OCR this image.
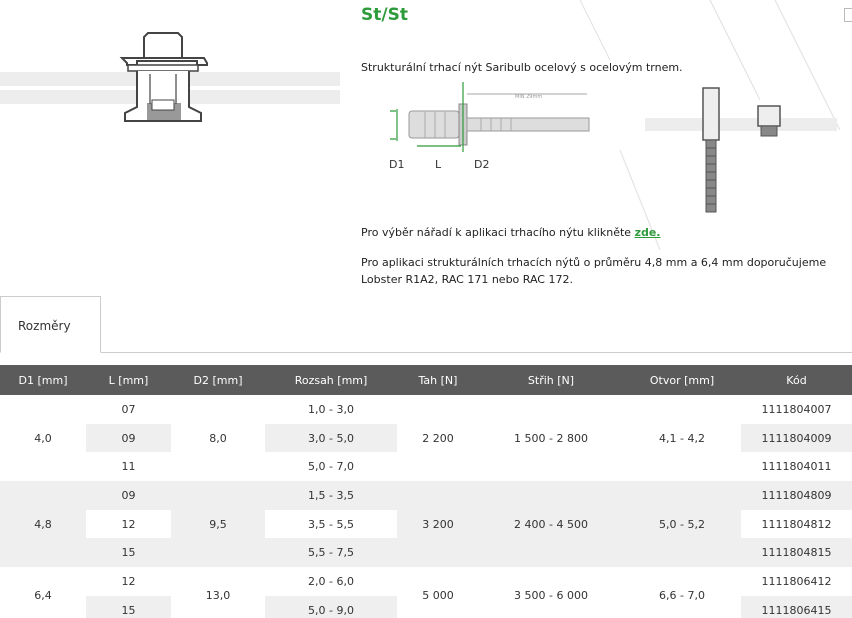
St/St

Strukturální trhací nýt Saribulb ocelový s ocelovým trnem.

MIN 29mm
D1	L	D2

Pro výběr nářadí k aplikaci trhacího nýtu klikněte zde.

Pro aplikaci strukturálních trhacích nýtů o průměru 4,8 mm a 6,4 mm doporučujeme Lobster R1A2, RAC 171 nebo RAC 172.

Rozměry
D1 [mm]	L [mm]	D2 [mm]	Rozsah [mm]	Tah [N]	Střih [N]	Otvor [mm]	Kód
4,0	07	8,0	1,0 - 3,0	2 200	1 500 - 2 800	4,1 - 4,2	1111804007
	09		3,0 - 5,0				1111804009
	11		5,0 - 7,0				1111804011
4,8	09	9,5	1,5 - 3,5	3 200	2 400 - 4 500	5,0 - 5,2	1111804809
	12		3,5 - 5,5				1111804812
	15		5,5 - 7,5				1111804815
6,4	12	13,0	2,0 - 6,0	5 000	3 500 - 6 000	6,6 - 7,0	1111806412
	15		5,0 - 9,0				1111806415
